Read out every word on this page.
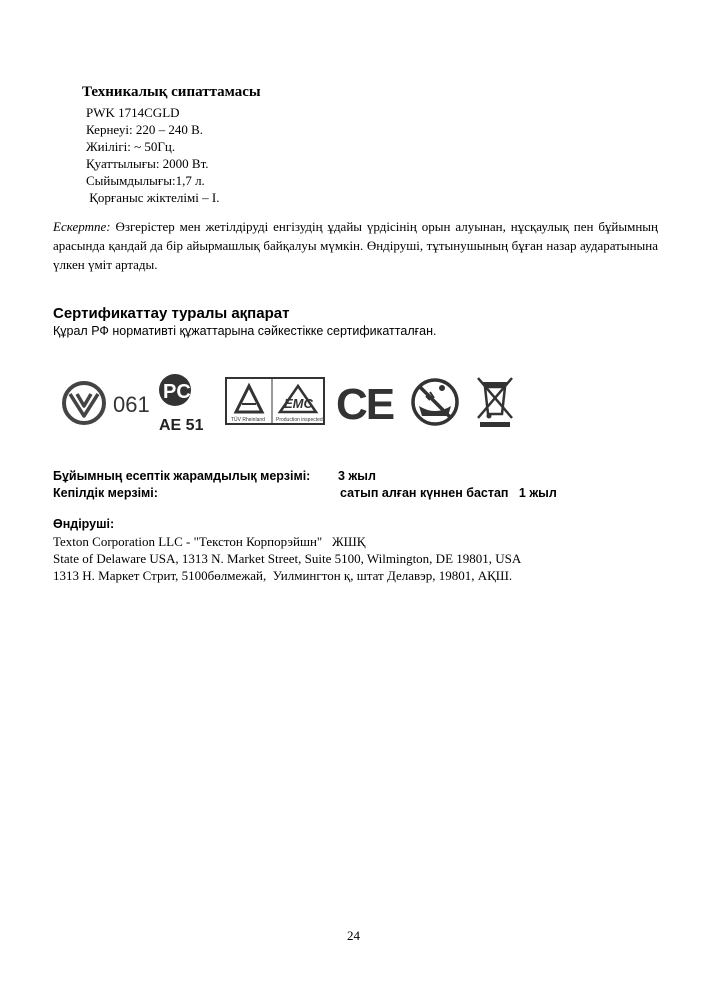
Техникалық сипаттамасы
PWK 1714CGLD
Кернеуі: 220 – 240 В.
Жиілігі: ~ 50Гц.
Қуаттылығы: 2000 Вт.
Сыйымдылығы:1,7 л.
Қорғаныс жіктелімі – I.
Ескертпе: Өзгерістер мен жетілдіруді енгізудің ұдайы үрдісінің орын алуынан, нұсқаулық пен бұйымның арасында қандай да бір айырмашлық байқалуы мүмкін. Өндіруші, тұтынушының бұған назар аударатынына үлкен үміт артады.
Сертификаттау туралы ақпарат
Құрал РФ нормативті құжаттарына сәйкестікке сертификатталған.
061 PC
AE 51	TÜV Rheinland
EMC
Production inspected CE
Бұйымның есептік жарамдылық мерзімі: 3 жыл
Кепілдік мерзімі:	сатып алған күннен бастап   1 жыл
Өндіруші:
Texton Corporation LLC - "Текстон Корпорэйшн"   ЖШҚ
State of Delaware USA, 1313 N. Market Street, Suite 5100, Wilmington, DE 19801, USA
1313 Н. Маркет Стрит, 5100бөлмежай,  Уилмингтон қ, штат Делавэр, 19801, АҚШ.
24
